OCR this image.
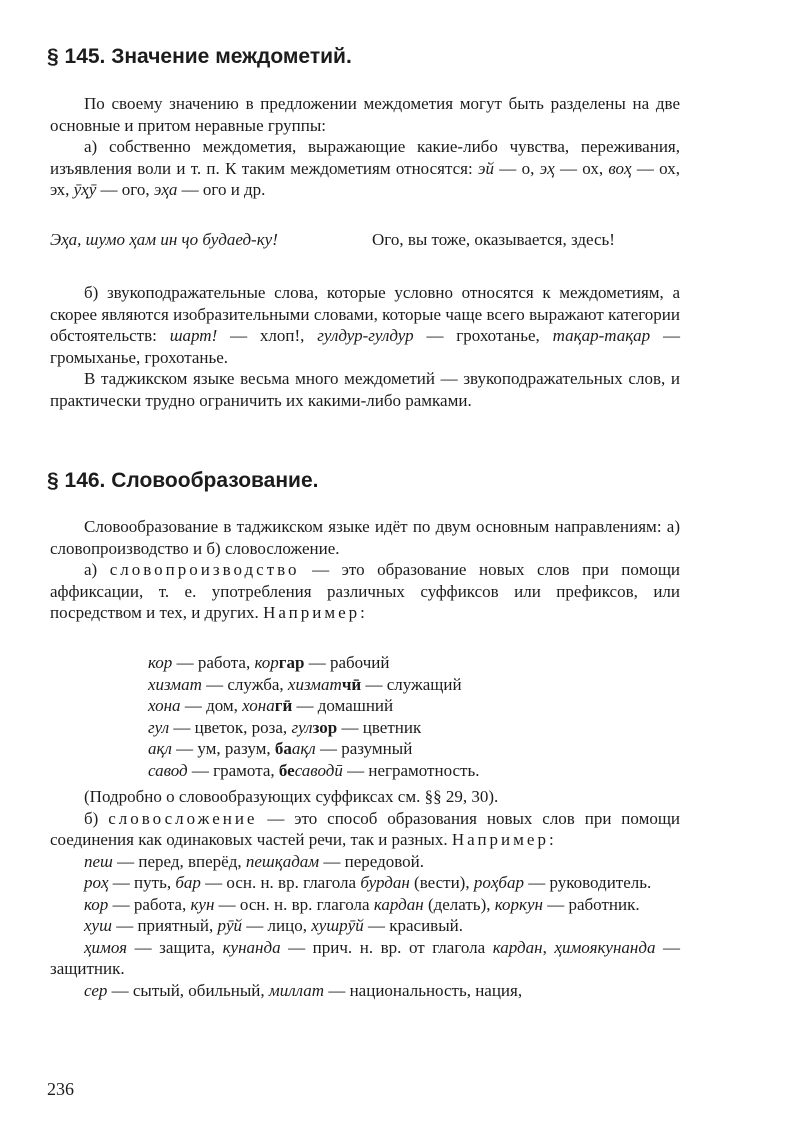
§ 145. Значение междометий.

По своему значению в предложении междометия могут быть разделены на две основные и притом неравные группы:

а) собственно междометия, выражающие какие-либо чувства, переживания, изъявления воли и т. п. К таким междометиям относятся: эй — о, эҳ — ох, воҳ — ох, эх, ӯҳӯ — ого, эҳа — ого и др.

Эҳа, шумо ҳам ин ҷо будаед-ку!	Ого, вы тоже, оказывается, здесь!

б) звукоподражательные слова, которые условно относятся к междометиям, а скорее являются изобразительными словами, которые чаще всего выражают категории обстоятельств: шарт! — хлоп!, гулдур-гулдур — грохотанье, тақар-тақар — громыханье, грохотанье.

В таджикском языке весьма много междометий — звукоподражательных слов, и практически трудно ограничить их какими-либо рамками.

§ 146. Словообразование.

Словообразование в таджикском языке идёт по двум основным направлениям: а) словопроизводство и б) словосложение.

а) словопроизводство — это образование новых слов при помощи аффиксации, т. е. употребления различных суффиксов или префиксов, или посредством и тех, и других. Например:

кор — работа, коргар — рабочий
хизмат — служба, хизматчӣ — служащий
хона — дом, хонагӣ — домашний
гул — цветок, роза, гулзор — цветник
ақл — ум, разум, баақл — разумный
савод — грамота, бесаводӣ — неграмотность.

(Подробно о словообразующих суффиксах см. §§ 29, 30).

б) словосложение — это способ образования новых слов при помощи соединения как одинаковых частей речи, так и разных. Например:

пеш — перед, вперёд, пешқадам — передовой.

роҳ — путь, бар — осн. н. вр. глагола бурдан (вести), роҳбар — руководитель.

кор — работа, кун — осн. н. вр. глагола кардан (делать), коркун — работник.

хуш — приятный, рӯй — лицо, хушрӯй — красивый.

ҳимоя — защита, кунанда — прич. н. вр. от глагола кардан, ҳимоякунанда — защитник.

сер — сытый, обильный, миллат — национальность, нация,

236
